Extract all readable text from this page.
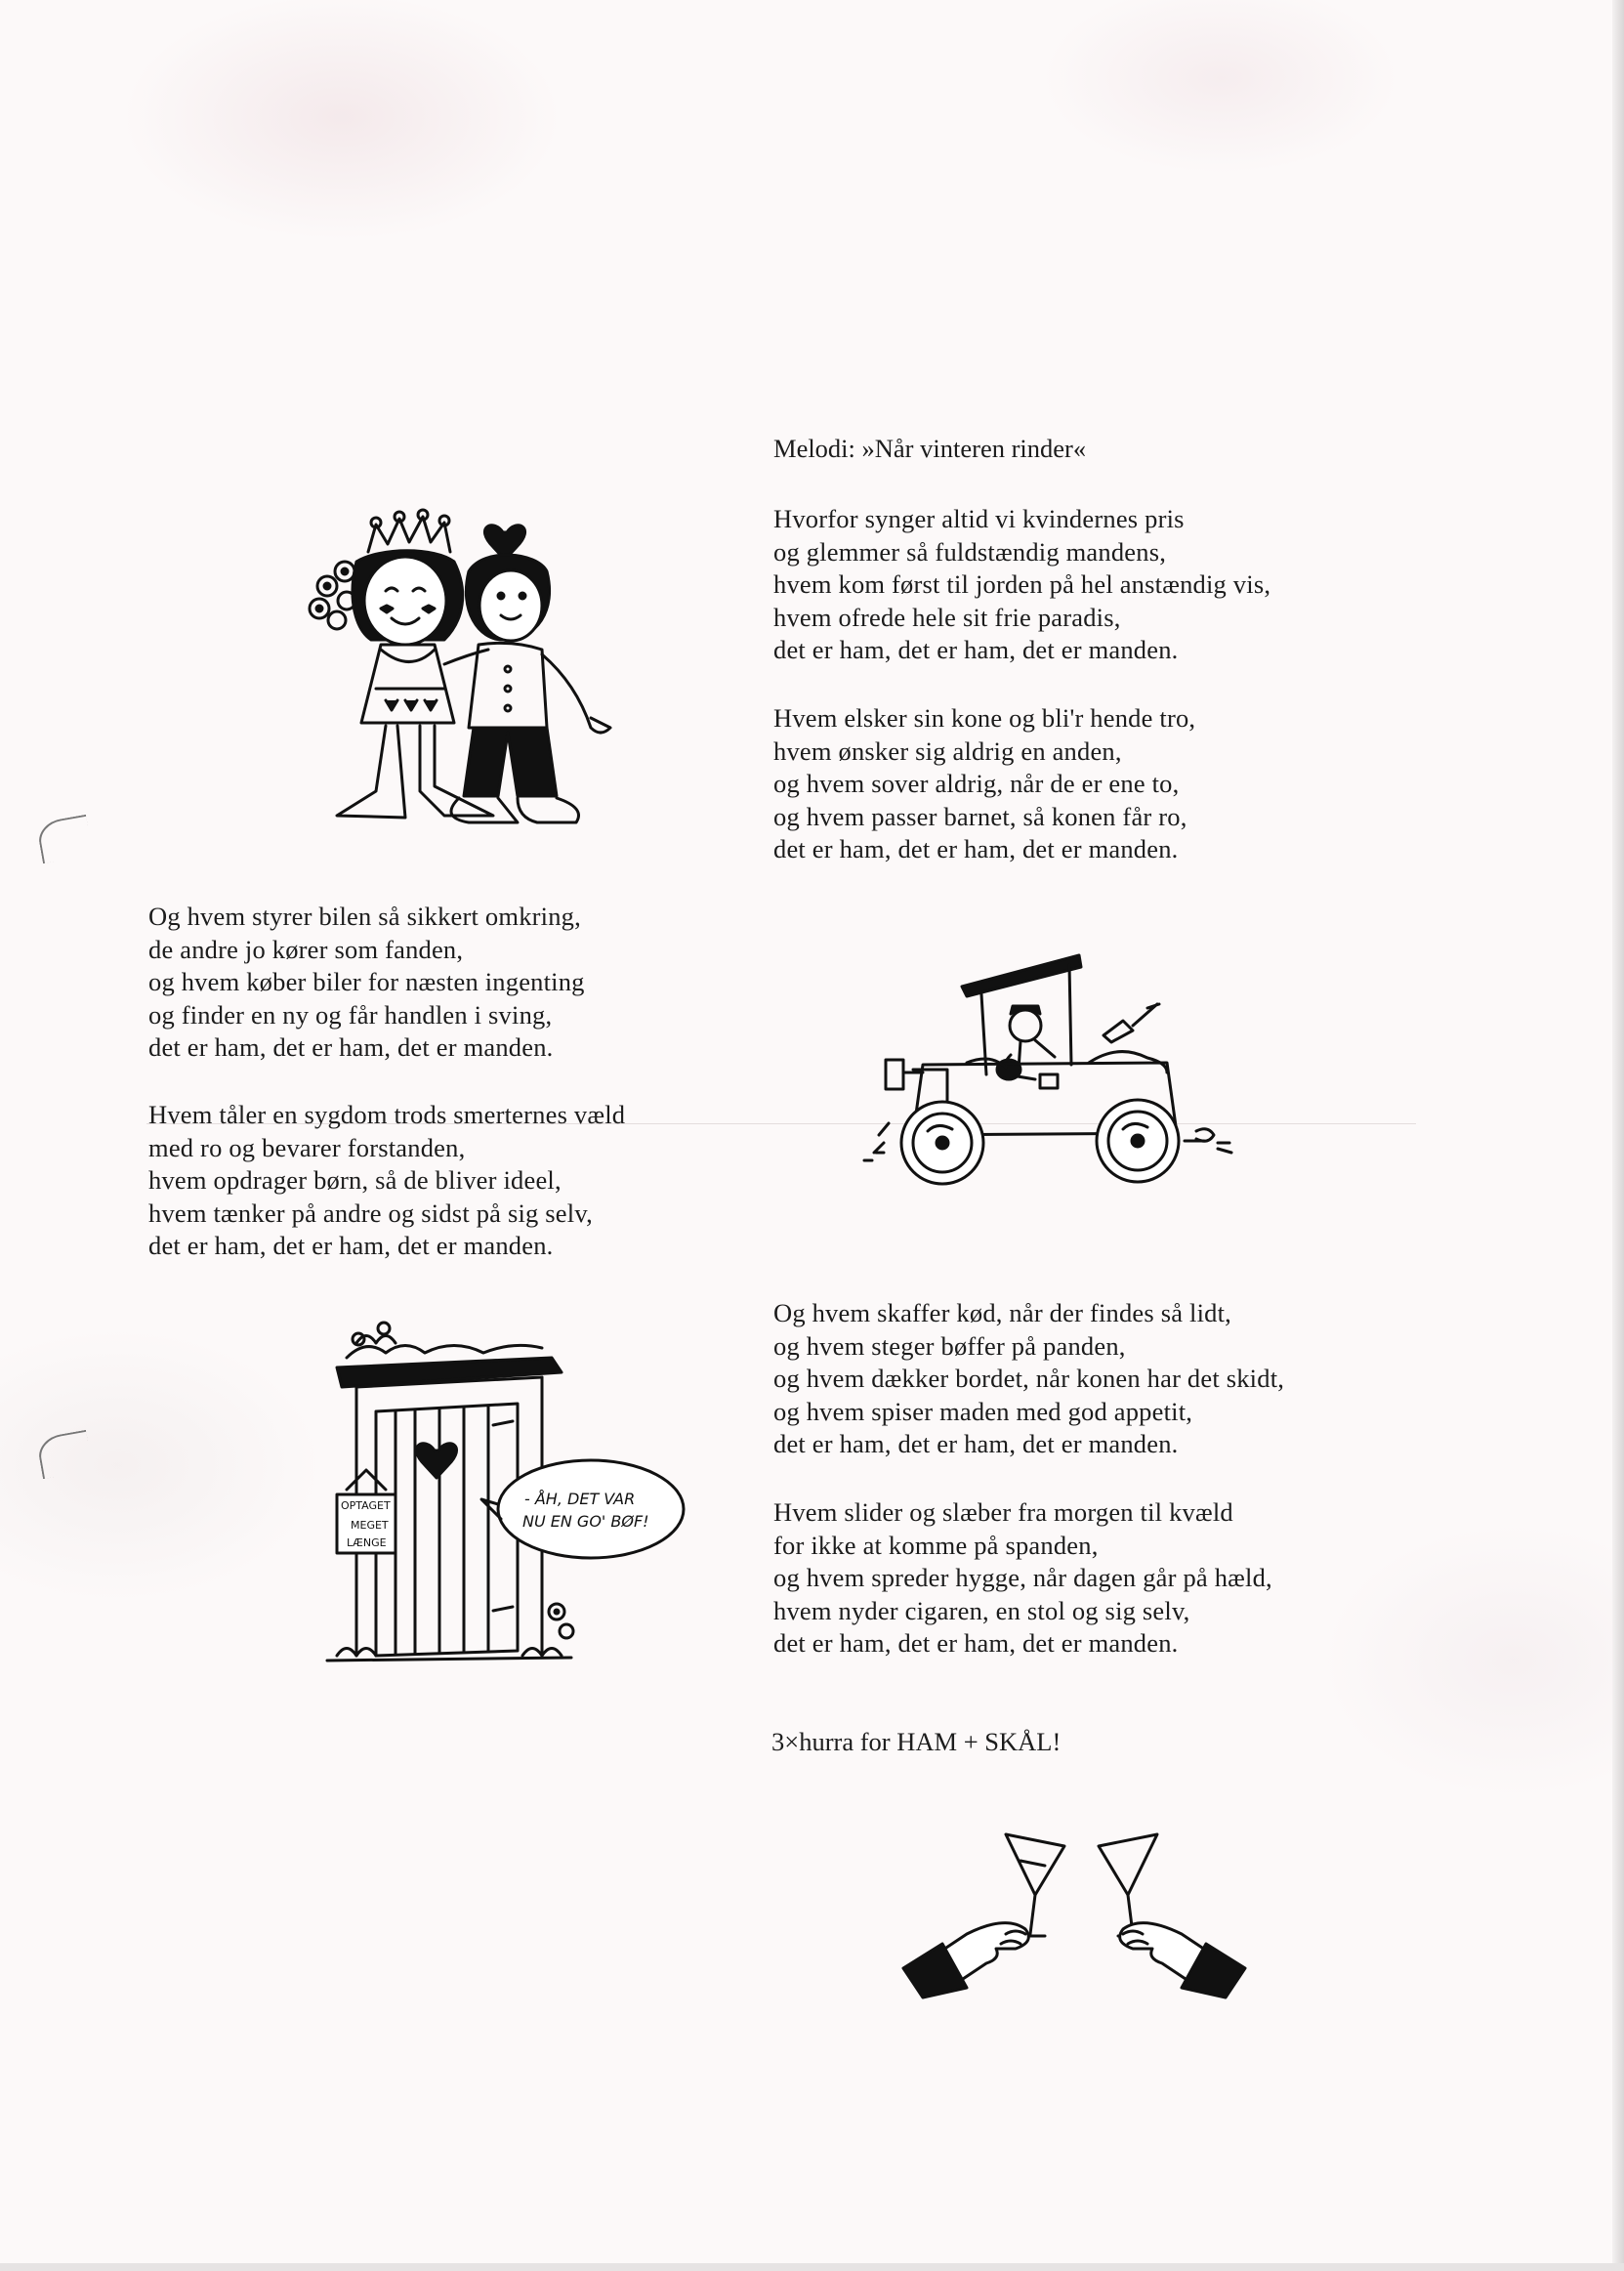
Melodi: »Når vinteren rinder«
Hvorfor synger altid vi kvindernes pris
og glemmer så fuldstændig mandens,
hvem kom først til jorden på hel anstændig vis,
hvem ofrede hele sit frie paradis,
det er ham, det er ham, det er manden.
Hvem elsker sin kone og bli'r hende tro,
hvem ønsker sig aldrig en anden,
og hvem sover aldrig, når de er ene to,
og hvem passer barnet, så konen får ro,
det er ham, det er ham, det er manden.
Og hvem styrer bilen så sikkert omkring,
de andre jo kører som fanden,
og hvem køber biler for næsten ingenting
og finder en ny og får handlen i sving,
det er ham, det er ham, det er manden.
Hvem tåler en sygdom trods smerternes væld
med ro og bevarer forstanden,
hvem opdrager børn, så de bliver ideel,
hvem tænker på andre og sidst på sig selv,
det er ham, det er ham, det er manden.
Og hvem skaffer kød, når der findes så lidt,
og hvem steger bøffer på panden,
og hvem dækker bordet, når konen har det skidt,
og hvem spiser maden med god appetit,
det er ham, det er ham, det er manden.
Hvem slider og slæber fra morgen til kvæld
for ikke at komme på spanden,
og hvem spreder hygge, når dagen går på hæld,
hvem nyder cigaren, en stol og sig selv,
det er ham, det er ham, det er manden.
3×hurra for HAM + SKÅL!
OPTAGET
MEGET
LÆNGE
- ÅH, DET VAR
NU EN GO' BØF!
